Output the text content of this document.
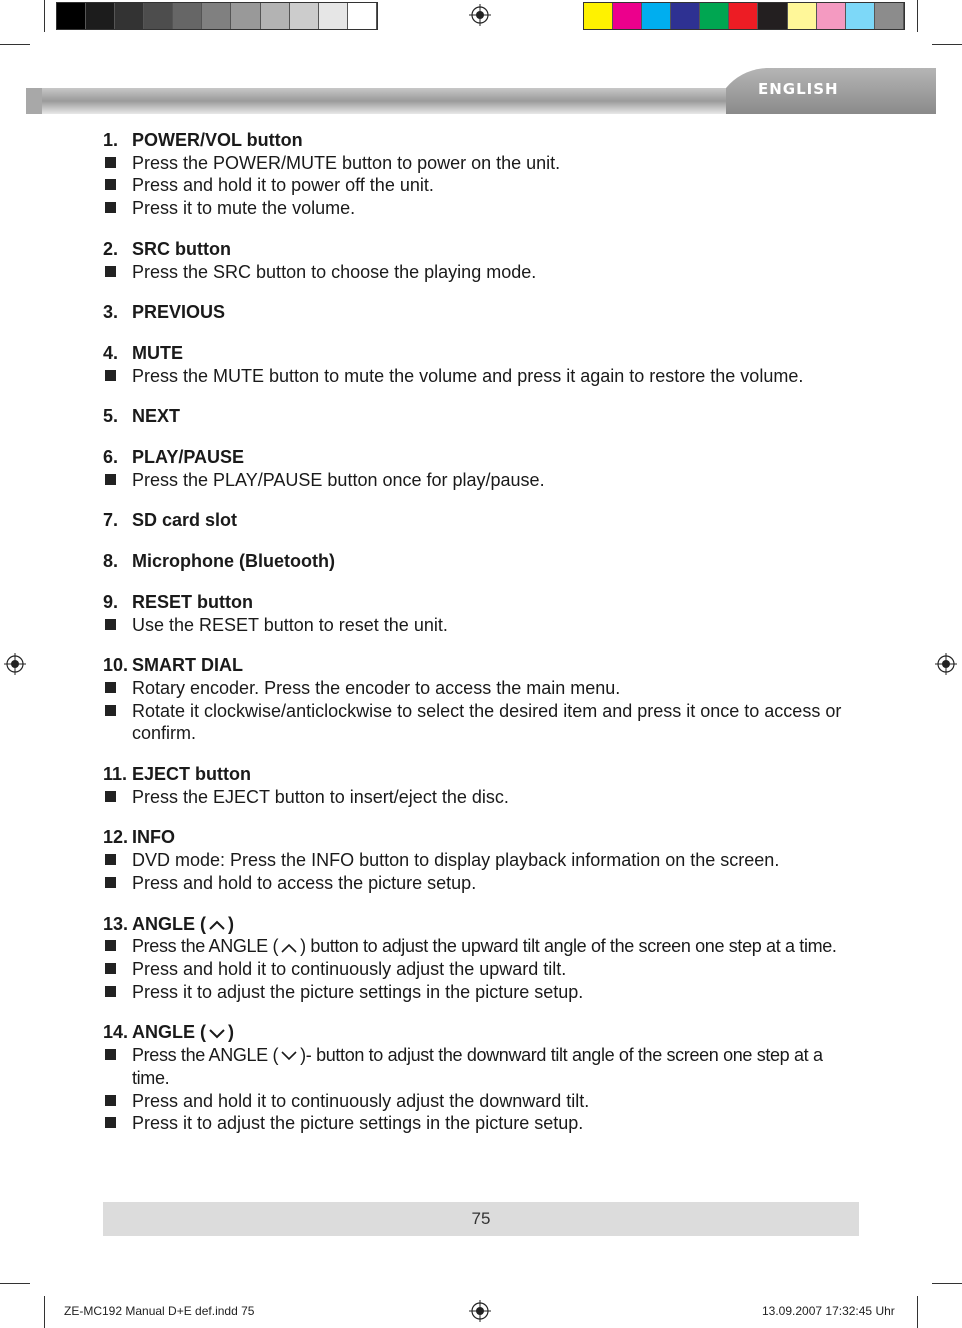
ENGLISH
1. POWER/VOL button
Press the POWER/MUTE button to power on the unit.
Press and hold it to power off the unit.
Press it to mute the volume.
2. SRC button
Press the SRC button to choose the playing mode.
3. PREVIOUS
4. MUTE
Press the MUTE button to mute the volume and press it again to restore the volume.
5. NEXT
6. PLAY/PAUSE
Press the PLAY/PAUSE button once for play/pause.
7. SD card slot
8. Microphone (Bluetooth)
9. RESET button
Use the RESET button to reset the unit.
10. SMART DIAL
Rotary encoder. Press the encoder to access the main menu.
Rotate it clockwise/anticlockwise to select the desired item and press it once to access or confirm.
11. EJECT button
Press the EJECT button to insert/eject the disc.
12. INFO
DVD mode: Press the INFO button to display playback information on the screen.
Press and hold to access the picture setup.
13. ANGLE ( )
Press the ANGLE ( ) button to adjust the upward tilt angle of the screen one step at a time.
Press and hold it to continuously adjust the upward tilt.
Press it to adjust the picture settings in the picture setup.
14. ANGLE ( )
Press the ANGLE ( )- button to adjust the downward tilt angle of the screen one step at a time.
Press and hold it to continuously adjust the downward tilt.
Press it to adjust the picture settings in the picture setup.
75
ZE-MC192 Manual D+E def.indd 75	13.09.2007 17:32:45 Uhr
